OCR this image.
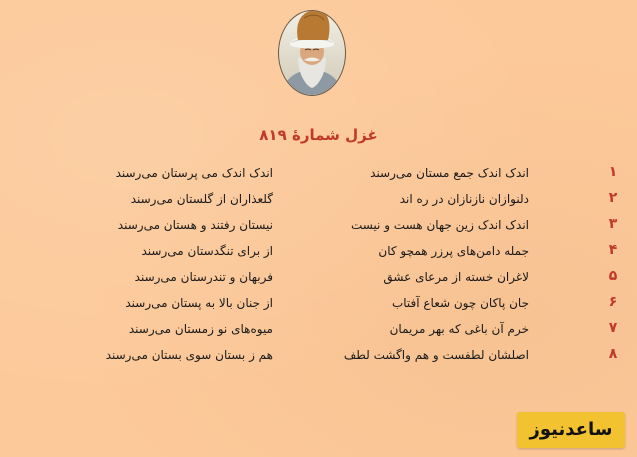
غزل شمارهٔ ۸۱۹
۱
اندک اندک جمع مستان می‌رسند
اندک اندک می پرستان می‌رسند
۲
دلنوازان نازنازان در ره اند
گلعذاران از گلستان می‌رسند
۳
اندک اندک زین جهان هست و نیست
نیستان رفتند و هستان می‌رسند
۴
جمله دامن‌های پرزر همچو کان
از برای تنگدستان می‌رسند
۵
لاغران خسته از مرعای عشق
فربهان و تندرستان می‌رسند
۶
جان پاکان چون شعاع آفتاب
از جنان بالا به پستان می‌رسند
۷
خرم آن باغی که بهر مریمان
میوه‌های نو زمستان می‌رسند
۸
اصلشان لطفست و هم واگشت لطف
هم ز بستان سوی بستان می‌رسند
ساعدنیوز
